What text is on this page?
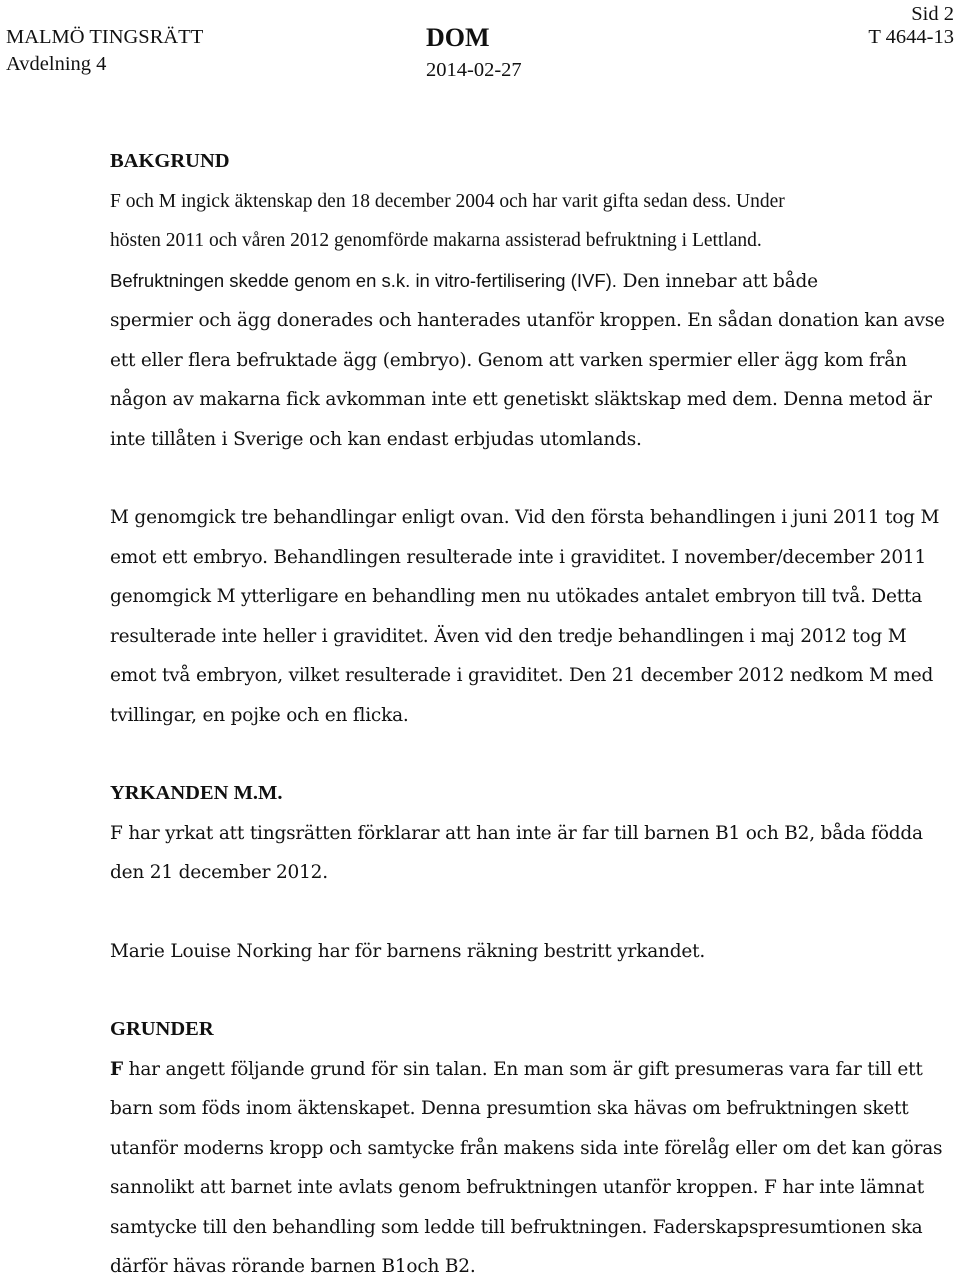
MALMÖ TINGSRÄTT
Avdelning 4
DOM
2014-02-27
Sid 2
T 4644-13
BAKGRUND

F och M ingick äktenskap den 18 december 2004 och har varit gifta sedan dess. Under
hösten 2011 och våren 2012 genomförde makarna assisterad befruktning i Lettland.
Befruktningen skedde genom en s.k. in vitro-fertilisering (IVF). Den innebar att både
spermier och ägg donerades och hanterades utanför kroppen. En sådan donation kan avse
ett eller flera befruktade ägg (embryo). Genom att varken spermier eller ägg kom från
någon av makarna fick avkomman inte ett genetiskt släktskap med dem. Denna metod är
inte tillåten i Sverige och kan endast erbjudas utomlands.

M genomgick tre behandlingar enligt ovan. Vid den första behandlingen i juni 2011 tog M
emot ett embryo. Behandlingen resulterade inte i graviditet. I november/december 2011
genomgick M ytterligare en behandling men nu utökades antalet embryon till två. Detta
resulterade inte heller i graviditet. Även vid den tredje behandlingen i maj 2012 tog M
emot två embryon, vilket resulterade i graviditet. Den 21 december 2012 nedkom M med
tvillingar, en pojke och en flicka.

YRKANDEN M.M.

F har yrkat att tingsrätten förklarar att han inte är far till barnen B1 och B2, båda födda
den 21 december 2012.

Marie Louise Norking har för barnens räkning bestritt yrkandet.

GRUNDER

F har angett följande grund för sin talan. En man som är gift presumeras vara far till ett
barn som föds inom äktenskapet. Denna presumtion ska hävas om befruktningen skett
utanför moderns kropp och samtycke från makens sida inte förelåg eller om det kan göras
sannolikt att barnet inte avlats genom befruktningen utanför kroppen. F har inte lämnat
samtycke till den behandling som ledde till befruktningen. Faderskapspresumtionen ska
därför hävas rörande barnen B1och B2.
